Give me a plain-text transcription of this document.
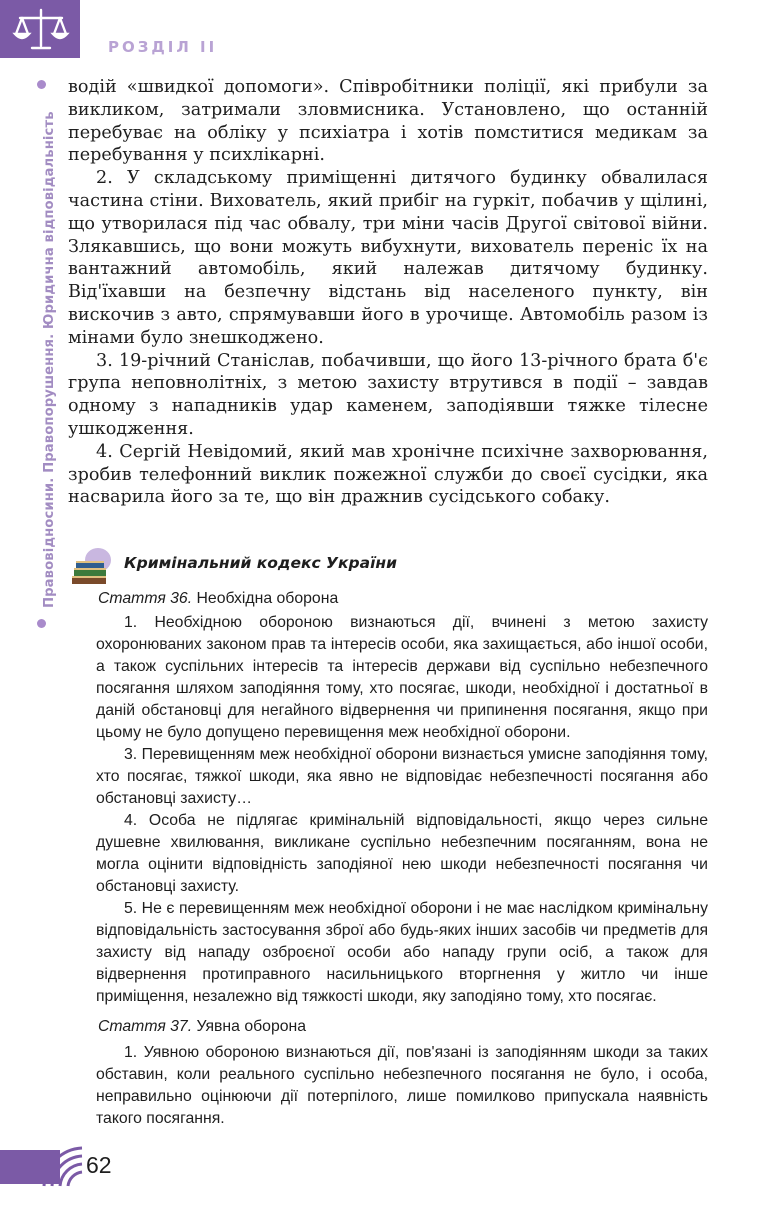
РОЗДІЛ II
Правовідносини. Правопорушення. Юридична відповідальність

водій «швидкої допомоги». Співробітники поліції, які прибули за викликом, затримали зловмисника. Установлено, що останній перебуває на обліку у психіатра і хотів помститися медикам за перебування у психлікарні.

2. У складському приміщенні дитячого будинку обвалилася частина стіни. Вихователь, який прибіг на гуркіт, побачив у щілині, що утворилася під час обвалу, три міни часів Другої світової війни. Злякавшись, що вони можуть вибухнути, вихователь переніс їх на вантажний автомобіль, який належав дитячому будинку. Від'їхавши на безпечну відстань від населеного пункту, він вискочив з авто, спрямувавши його в урочище. Автомобіль разом із мінами було знешкоджено.

3. 19-річний Станіслав, побачивши, що його 13-річного брата б'є група неповнолітніх, з метою захисту втрутився в події – завдав одному з нападників удар каменем, заподіявши тяжке тілесне ушкодження.

4. Сергій Невідомий, який мав хронічне психічне захворювання, зробив телефонний виклик пожежної служби до своєї сусідки, яка насварила його за те, що він дражнив сусідського собаку.

Кримінальний кодекс України

Стаття 36. Необхідна оборона

1. Необхідною обороною визнаються дії, вчинені з метою захисту охоронюваних законом прав та інтересів особи, яка захищається, або іншої особи, а також суспільних інтересів та інтересів держави від суспільно небезпечного посягання шляхом заподіяння тому, хто посягає, шкоди, необхідної і достатньої в даній обстановці для негайного відвернення чи припинення посягання, якщо при цьому не було допущено перевищення меж необхідної оборони.

3. Перевищенням меж необхідної оборони визнається умисне заподіяння тому, хто посягає, тяжкої шкоди, яка явно не відповідає небезпечності посягання або обстановці захисту…

4. Особа не підлягає кримінальній відповідальності, якщо через сильне душевне хвилювання, викликане суспільно небезпечним посяганням, вона не могла оцінити відповідність заподіяної нею шкоди небезпечності посягання чи обстановці захисту.

5. Не є перевищенням меж необхідної оборони і не має наслідком кримінальну відповідальність застосування зброї або будь-яких інших засобів чи предметів для захисту від нападу озброєної особи або нападу групи осіб, а також для відвернення протиправного насильницького вторгнення у житло чи інше приміщення, незалежно від тяжкості шкоди, яку заподіяно тому, хто посягає.

Стаття 37. Уявна оборона

1. Уявною обороною визнаються дії, пов'язані із заподіянням шкоди за таких обставин, коли реального суспільно небезпечного посягання не було, і особа, неправильно оцінюючи дії потерпілого, лише помилково припускала наявність такого посягання.

62
